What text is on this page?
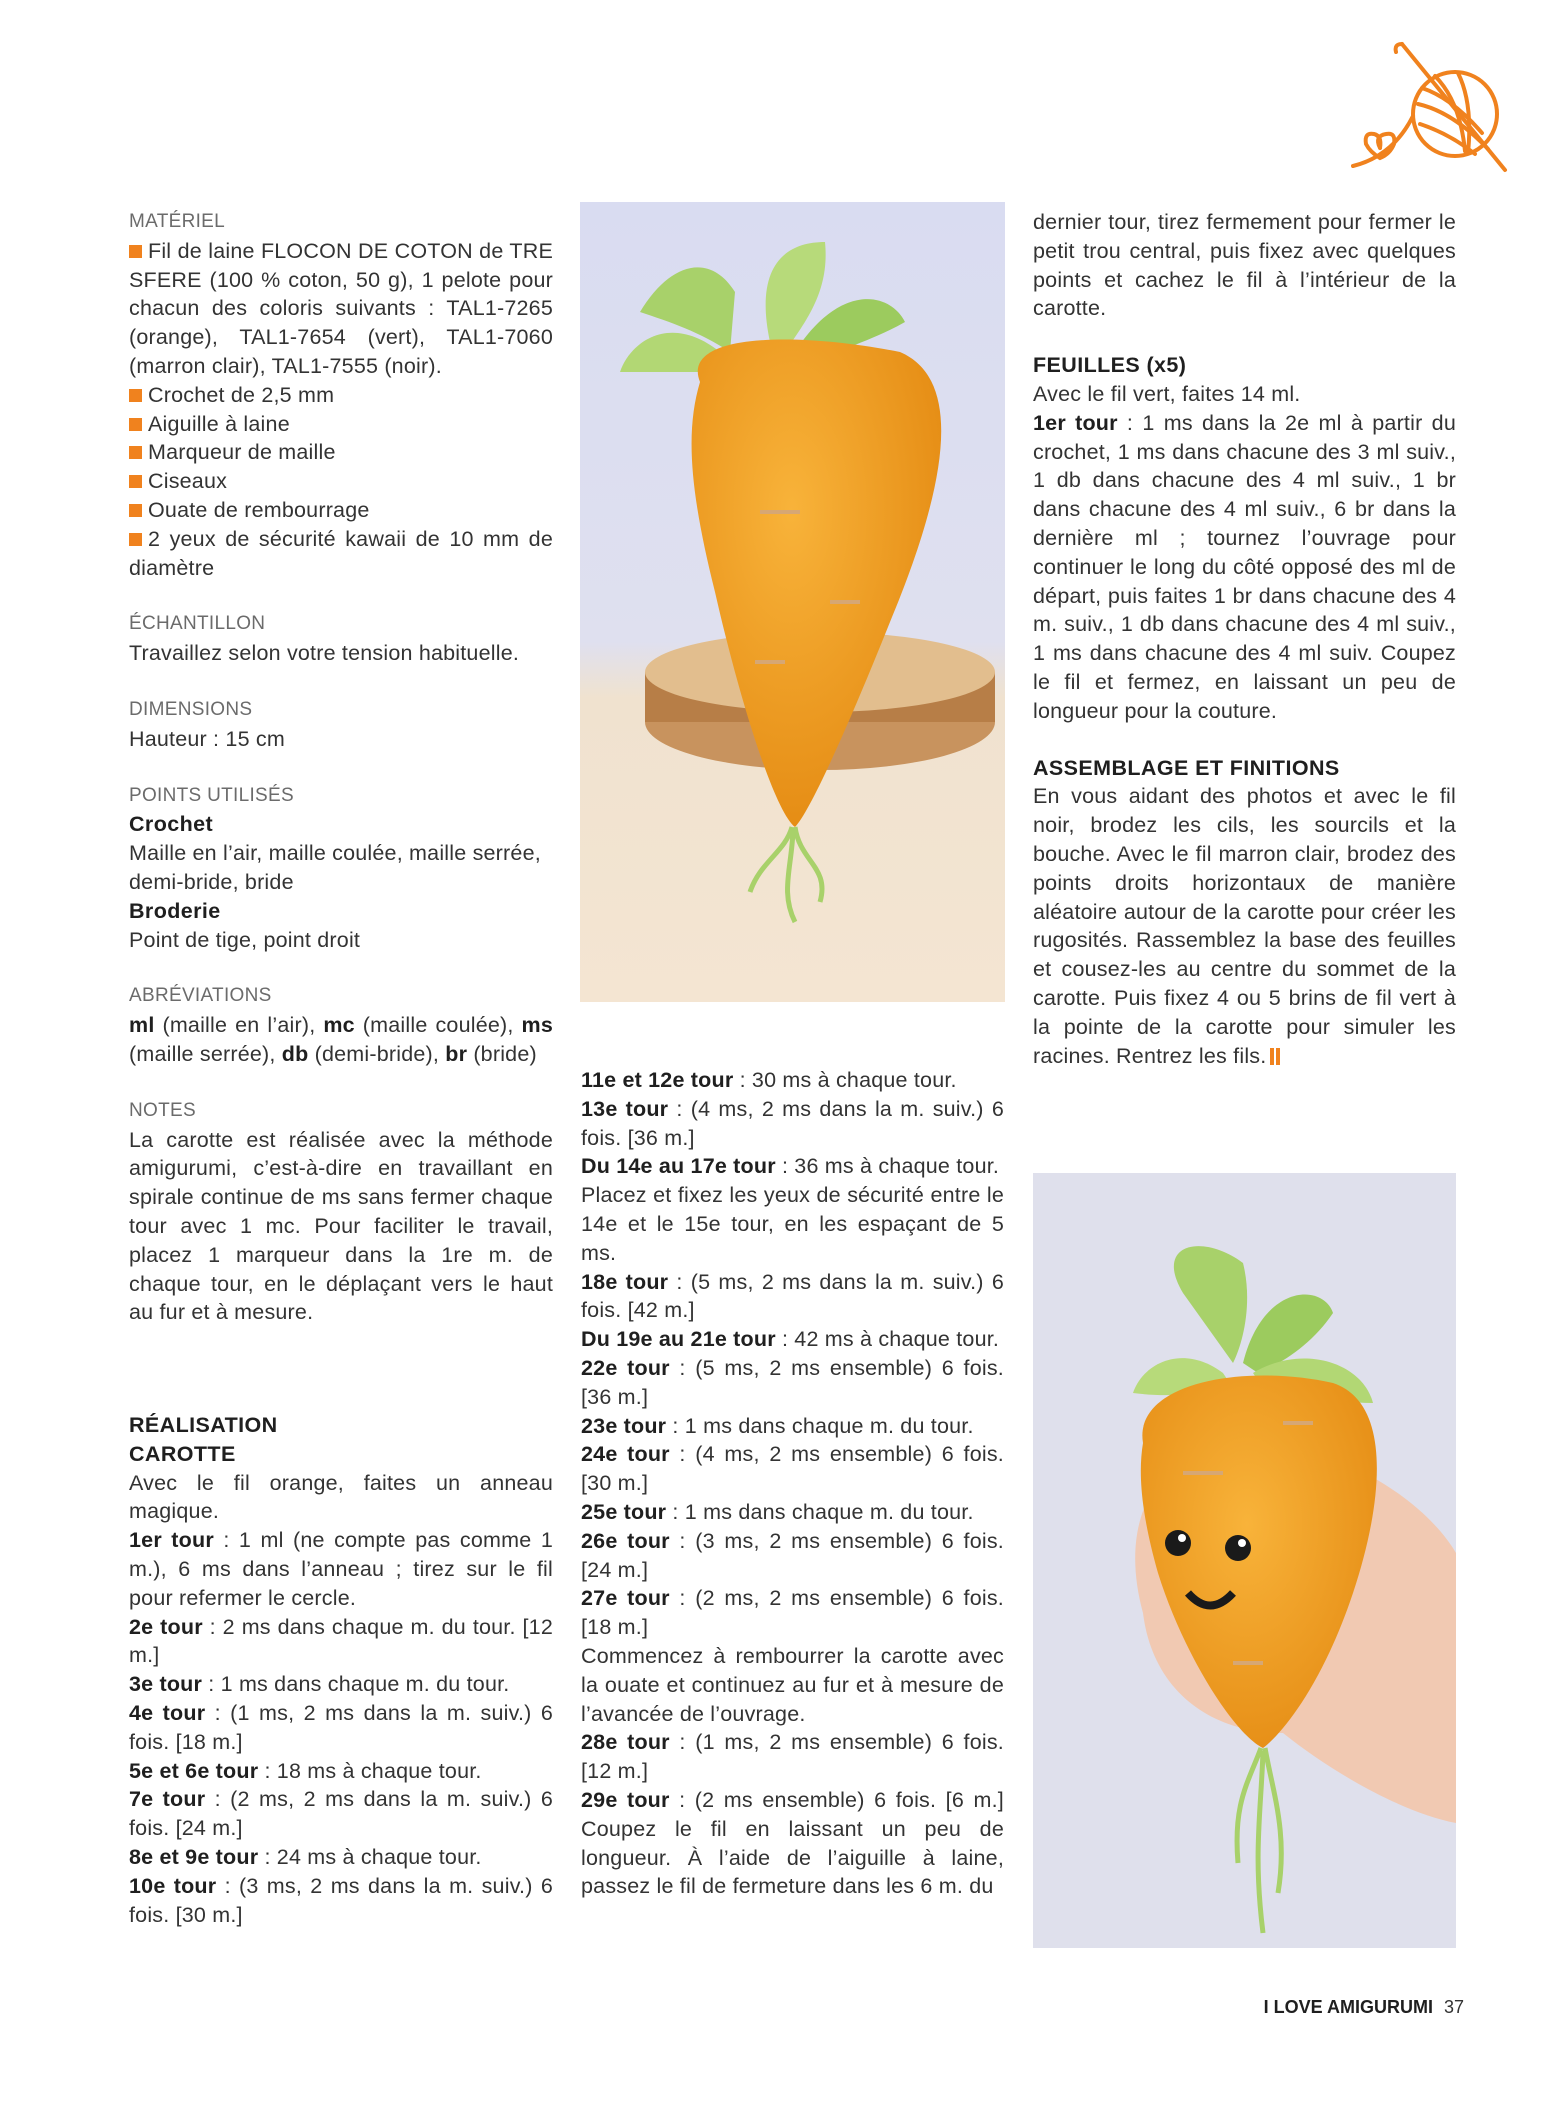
MATÉRIEL

Fil de laine FLOCON DE COTON de TRE SFERE (100 % coton, 50 g), 1 pelote pour chacun des coloris suivants : TAL1-7265 (orange), TAL1-7654 (vert), TAL1-7060 (marron clair), TAL1-7555 (noir).

Crochet de 2,5 mm

Aiguille à laine

Marqueur de maille

Ciseaux

Ouate de rembourrage

2 yeux de sécurité kawaii de 10 mm de diamètre

ÉCHANTILLON

Travaillez selon votre tension habituelle.

DIMENSIONS

Hauteur : 15 cm

POINTS UTILISÉS

Crochet

Maille en l’air, maille coulée, maille serrée, demi-bride, bride

Broderie

Point de tige, point droit

ABRÉVIATIONS

ml (maille en l’air), mc (maille coulée), ms (maille serrée), db (demi-bride), br (bride)

NOTES

La carotte est réalisée avec la méthode amigurumi, c’est-à-dire en travaillant en spirale continue de ms sans fermer chaque tour avec 1 mc. Pour faciliter le travail, placez 1 marqueur dans la 1re m. de chaque tour, en le déplaçant vers le haut au fur et à mesure.

RÉALISATION

CAROTTE

Avec le fil orange, faites un anneau magique.

1er tour : 1 ml (ne compte pas comme 1 m.), 6 ms dans l’anneau ; tirez sur le fil pour refermer le cercle.

2e tour : 2 ms dans chaque m. du tour. [12 m.]

3e tour : 1 ms dans chaque m. du tour.

4e tour : (1 ms, 2 ms dans la m. suiv.) 6 fois. [18 m.]

5e et 6e tour : 18 ms à chaque tour.

7e tour : (2 ms, 2 ms dans la m. suiv.) 6 fois. [24 m.]

8e et 9e tour : 24 ms à chaque tour.

10e tour : (3 ms, 2 ms dans la m. suiv.) 6 fois. [30 m.]

11e et 12e tour : 30 ms à chaque tour.

13e tour : (4 ms, 2 ms dans la m. suiv.) 6 fois. [36 m.]

Du 14e au 17e tour : 36 ms à chaque tour.

Placez et fixez les yeux de sécurité entre le 14e et le 15e tour, en les espaçant de 5 ms.

18e tour : (5 ms, 2 ms dans la m. suiv.) 6 fois. [42 m.]

Du 19e au 21e tour : 42 ms à chaque tour.

22e tour : (5 ms, 2 ms ensemble) 6 fois. [36 m.]

23e tour : 1 ms dans chaque m. du tour.

24e tour : (4 ms, 2 ms ensemble) 6 fois. [30 m.]

25e tour : 1 ms dans chaque m. du tour.

26e tour : (3 ms, 2 ms ensemble) 6 fois. [24 m.]

27e tour : (2 ms, 2 ms ensemble) 6 fois. [18 m.]

Commencez à rembourrer la carotte avec la ouate et continuez au fur et à mesure de l’avancée de l’ouvrage.

28e tour : (1 ms, 2 ms ensemble) 6 fois. [12 m.]

29e tour : (2 ms ensemble) 6 fois. [6 m.] Coupez le fil en laissant un peu de longueur. À l’aide de l’aiguille à laine, passez le fil de fermeture dans les 6 m. du

dernier tour, tirez fermement pour fermer le petit trou central, puis fixez avec quelques points et cachez le fil à l’intérieur de la carotte.

FEUILLES (x5)

Avec le fil vert, faites 14 ml.

1er tour : 1 ms dans la 2e ml à partir du crochet, 1 ms dans chacune des 3 ml suiv., 1 db dans chacune des 4 ml suiv., 1 br dans chacune des 4 ml suiv., 6 br dans la dernière ml ; tournez l’ouvrage pour continuer le long du côté opposé des ml de départ, puis faites 1 br dans chacune des 4 m. suiv., 1 db dans chacune des 4 ml suiv., 1 ms dans chacune des 4 ml suiv. Coupez le fil et fermez, en laissant un peu de longueur pour la couture.

ASSEMBLAGE ET FINITIONS

En vous aidant des photos et avec le fil noir, brodez les cils, les sourcils et la bouche. Avec le fil marron clair, brodez des points droits horizontaux de manière aléatoire autour de la carotte pour créer les rugosités. Rassemblez la base des feuilles et cousez-les au centre du sommet de la carotte. Puis fixez 4 ou 5 brins de fil vert à la pointe de la carotte pour simuler les racines. Rentrez les fils.

I LOVE AMIGURUMI 37
